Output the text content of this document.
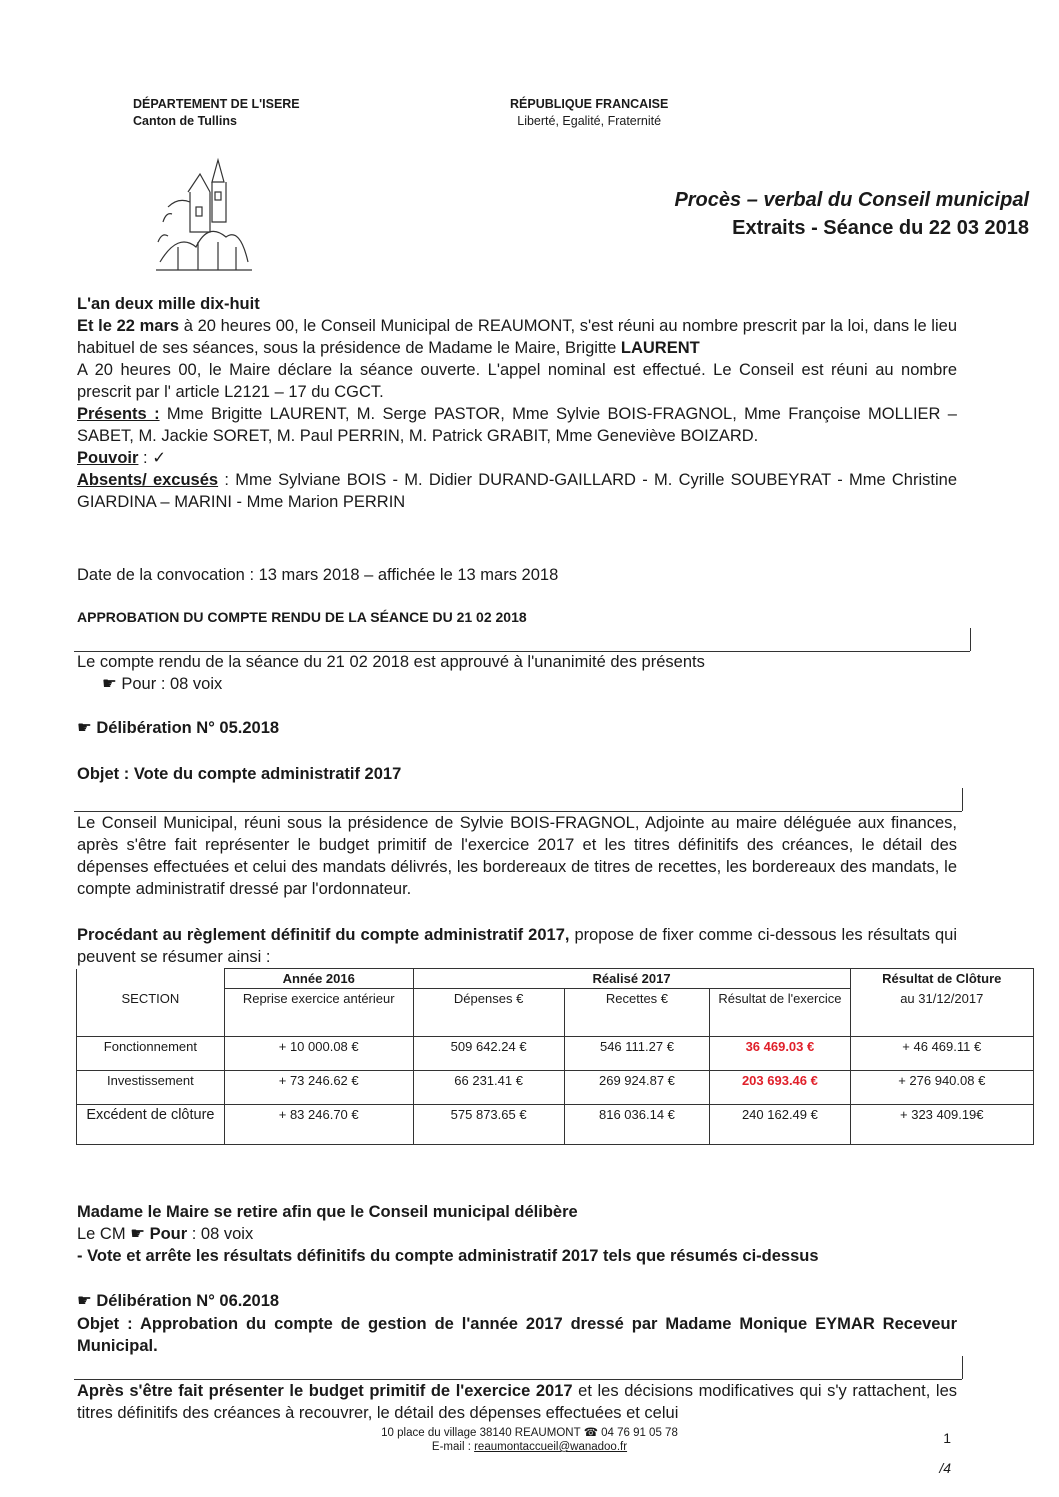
DÉPARTEMENT DE L'ISERE
Canton de Tullins
RÉPUBLIQUE FRANCAISE
Liberté, Egalité, Fraternité
Procès – verbal du Conseil municipal
Extraits - Séance du 22 03 2018
L'an deux mille dix-huit
Et le 22 mars à 20 heures 00, le Conseil Municipal de REAUMONT, s'est réuni au nombre prescrit par la loi, dans le lieu habituel de ses séances, sous la présidence de Madame le Maire, Brigitte LAURENT
A 20 heures 00, le Maire déclare la séance ouverte. L'appel nominal est effectué. Le Conseil est réuni au nombre prescrit par l' article L2121 – 17 du CGCT.
Présents : Mme Brigitte LAURENT, M. Serge PASTOR, Mme Sylvie BOIS-FRAGNOL, Mme Françoise MOLLIER –SABET, M. Jackie SORET, M. Paul PERRIN, M. Patrick GRABIT, Mme Geneviève BOIZARD.
Pouvoir : ✓
Absents/ excusés : Mme Sylviane BOIS - M. Didier DURAND-GAILLARD - M. Cyrille SOUBEYRAT - Mme Christine GIARDINA – MARINI - Mme Marion PERRIN
Date de la convocation : 13 mars 2018 – affichée le 13 mars 2018
APPROBATION DU COMPTE RENDU DE LA SÉANCE DU 21 02 2018
Le compte rendu de la séance du 21 02 2018 est approuvé à l'unanimité des présents
☛ Pour : 08 voix
☛ Délibération N° 05.2018
Objet : Vote du compte administratif 2017
Le Conseil Municipal, réuni sous la présidence de Sylvie BOIS-FRAGNOL, Adjointe au maire déléguée aux finances, après s'être fait représenter le budget primitif de l'exercice 2017 et les titres définitifs des créances, le détail des dépenses effectuées et celui des mandats délivrés, les bordereaux de titres de recettes, les bordereaux des mandats, le compte administratif dressé par l'ordonnateur.
Procédant au règlement définitif du compte administratif 2017, propose de fixer comme ci-dessous les résultats qui peuvent se résumer ainsi :
	Année 2016	Réalisé 2017			Résultat de Clôture
SECTION	Reprise exercice antérieur	Dépenses €	Recettes €	Résultat de l'exercice	au 31/12/2017
Fonctionnement	+ 10 000.08 €	509 642.24 €	546 111.27 €	36 469.03 €	+ 46 469.11 €
Investissement	+ 73 246.62 €	66 231.41 €	269 924.87 €	203 693.46 €	+ 276 940.08 €
Excédent de clôture	+ 83 246.70 €	575 873.65 €	816 036.14 €	240 162.49 €	+ 323 409.19€
Madame le Maire se retire afin que le Conseil municipal délibère
Le CM ☛ Pour : 08 voix
- Vote et arrête les résultats définitifs du compte administratif 2017 tels que résumés ci-dessus
☛ Délibération N° 06.2018
Objet : Approbation du compte de gestion de l'année 2017 dressé par Madame Monique EYMAR Receveur Municipal.
Après s'être fait présenter le budget primitif de l'exercice 2017 et les décisions modificatives qui s'y rattachent, les titres définitifs des créances à recouvrer, le détail des dépenses effectuées et celui
10 place du village 38140 REAUMONT ☎ 04 76 91 05 78
E-mail : reaumontaccueil@wanadoo.fr
1
/4
